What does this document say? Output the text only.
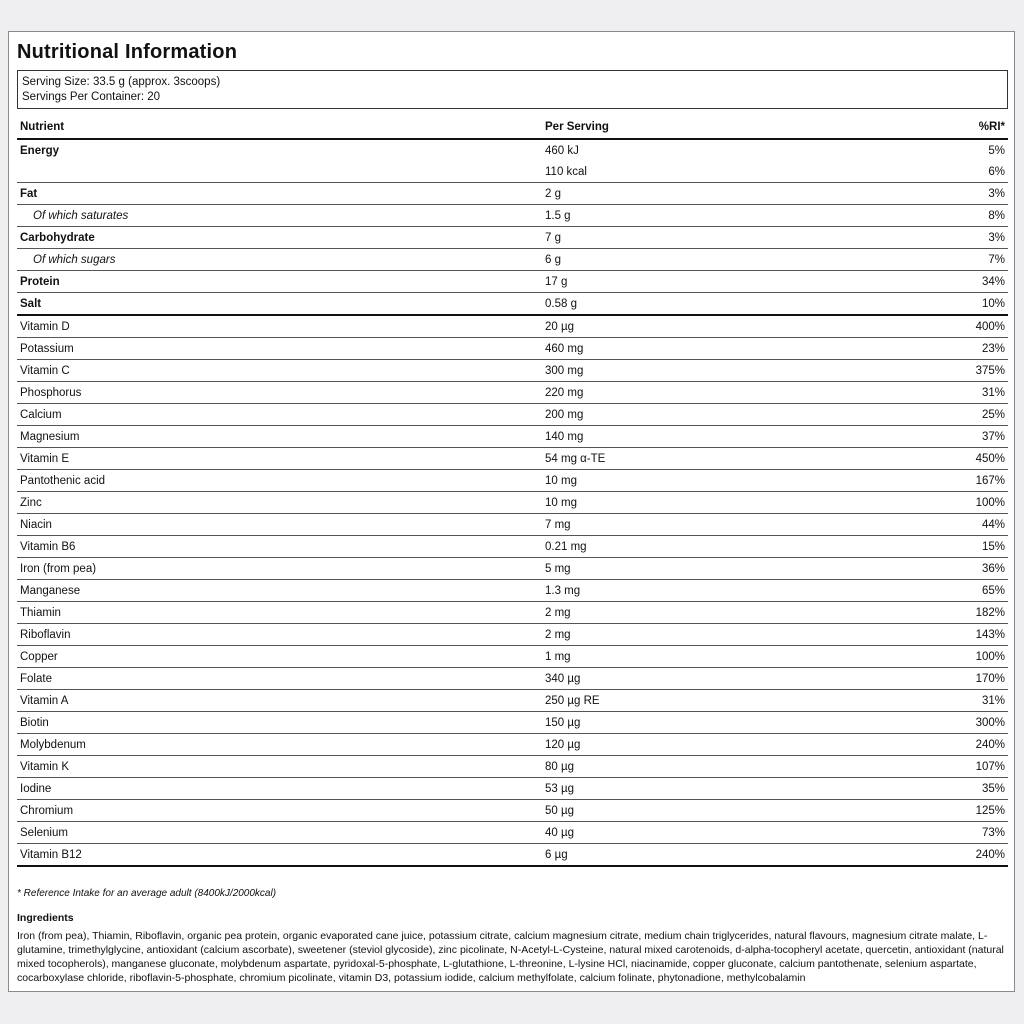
Nutritional Information
Serving Size: 33.5 g (approx. 3scoops)
Servings Per Container: 20
Nutrient	Per Serving	%RI*
Energy	460 kJ	5%
	110 kcal	6%
Fat	2 g	3%
Of which saturates	1.5 g	8%
Carbohydrate	7 g	3%
Of which sugars	6 g	7%
Protein	17 g	34%
Salt	0.58 g	10%
Vitamin D	20 µg	400%
Potassium	460 mg	23%
Vitamin C	300 mg	375%
Phosphorus	220 mg	31%
Calcium	200 mg	25%
Magnesium	140 mg	37%
Vitamin E	54 mg α-TE	450%
Pantothenic acid	10 mg	167%
Zinc	10 mg	100%
Niacin	7 mg	44%
Vitamin B6	0.21 mg	15%
Iron (from pea)	5 mg	36%
Manganese	1.3 mg	65%
Thiamin	2 mg	182%
Riboflavin	2 mg	143%
Copper	1 mg	100%
Folate	340 µg	170%
Vitamin A	250 µg RE	31%
Biotin	150 µg	300%
Molybdenum	120 µg	240%
Vitamin K	80 µg	107%
Iodine	53 µg	35%
Chromium	50 µg	125%
Selenium	40 µg	73%
Vitamin B12	6 µg	240%
* Reference Intake for an average adult (8400kJ/2000kcal)
Ingredients
Iron (from pea), Thiamin, Riboflavin, organic pea protein, organic evaporated cane juice, potassium citrate, calcium magnesium citrate, medium chain triglycerides, natural flavours, magnesium citrate malate, L-glutamine, trimethylglycine, antioxidant (calcium ascorbate), sweetener (steviol glycoside), zinc picolinate, N-Acetyl-L-Cysteine, natural mixed carotenoids, d-alpha-tocopheryl acetate, quercetin, antioxidant (natural mixed tocopherols), manganese gluconate, molybdenum aspartate, pyridoxal-5-phosphate, L-glutathione, L-threonine, L-lysine HCl, niacinamide, copper gluconate, calcium pantothenate, selenium aspartate, cocarboxylase chloride, riboflavin-5-phosphate, chromium picolinate, vitamin D3, potassium iodide, calcium methylfolate, calcium folinate, phytonadione, methylcobalamin
